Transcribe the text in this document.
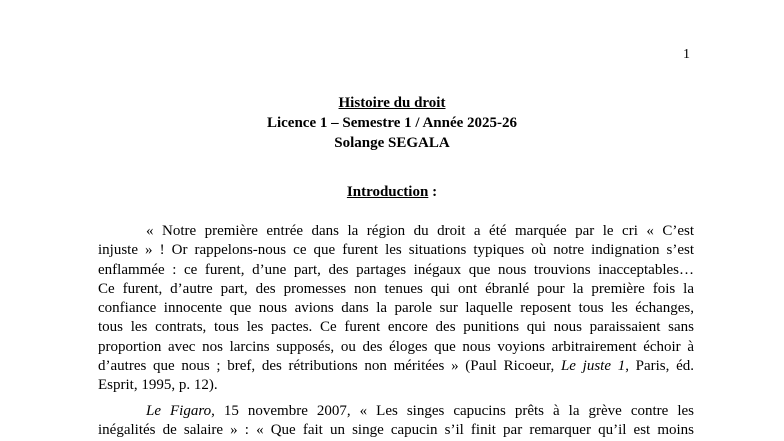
1
Histoire du droit
Licence 1 – Semestre 1 / Année 2025-26
Solange SEGALA
Introduction :
« Notre première entrée dans la région du droit a été marquée par le cri « C’est
injuste » ! Or rappelons-nous ce que furent les situations typiques où notre indignation s’est
enflammée : ce furent, d’une part, des partages inégaux que nous trouvions inacceptables…
Ce furent, d’autre part, des promesses non tenues qui ont ébranlé pour la première fois la
confiance innocente que nous avions dans la parole sur laquelle reposent tous les échanges,
tous les contrats, tous les pactes. Ce furent encore des punitions qui nous paraissaient sans
proportion avec nos larcins supposés, ou des éloges que nous voyions arbitrairement échoir à
d’autres que nous ; bref, des rétributions non méritées » (Paul Ricoeur, Le juste 1, Paris, éd.
Esprit, 1995, p. 12).
Le Figaro, 15 novembre 2007, « Les singes capucins prêts à la grève contre les
inégalités de salaire » : « Que fait un singe capucin s’il finit par remarquer qu’il est moins
